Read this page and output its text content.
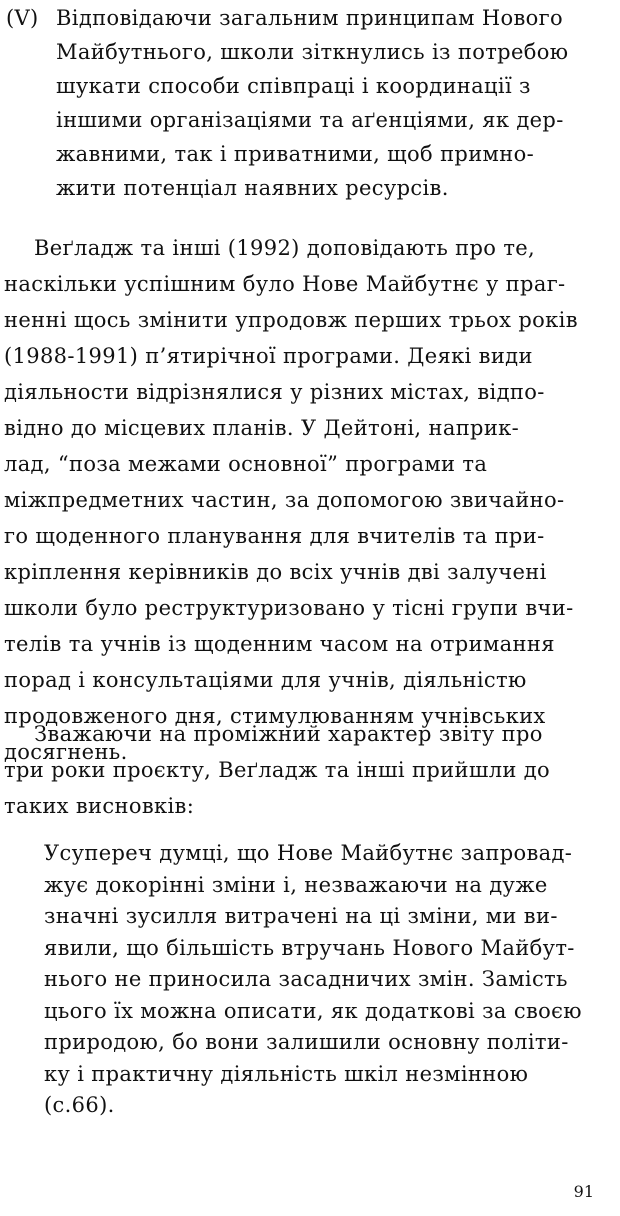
(V) Відповідаючи загальним принципам Нового

Майбутнього, школи зіткнулись із потребою

шукати способи співпраці і координації з

іншими організаціями та аґенціями, як дер-

жавними, так і приватними, щоб примно-

жити потенціал наявних ресурсів.

Веґладж та інші (1992) доповідають про те,

наскільки успішним було Нове Майбутнє у праг-

ненні щось змінити упродовж перших трьох років

(1988-1991) п’ятирічної програми. Деякі види

діяльности відрізнялися у різних містах, відпо-

відно до місцевих планів. У Дейтоні, наприк-

лад, “поза межами основної” програми та

міжпредметних частин, за допомогою звичайно-

го щоденного планування для вчителів та при-

кріплення керівників до всіх учнів дві залучені

школи було реструктуризовано у тісні групи вчи-

телів та учнів із щоденним часом на отримання

порад і консультаціями для учнів, діяльністю

продовженого дня, стимулюванням учнівських

досягнень.

Зважаючи на проміжний характер звіту про

три роки проєкту, Веґладж та інші прийшли до

таких висновків:

Усупереч думці, що Нове Майбутнє запровад-

жує докорінні зміни і, незважаючи на дуже

значні зусилля витрачені на ці зміни, ми ви-

явили, що більшість втручань Нового Майбут-

нього не приносила засадничих змін. Замість

цього їх можна описати, як додаткові за своєю

природою, бо вони залишили основну політи-

ку і практичну діяльність шкіл незмінною

(с.66).

91
